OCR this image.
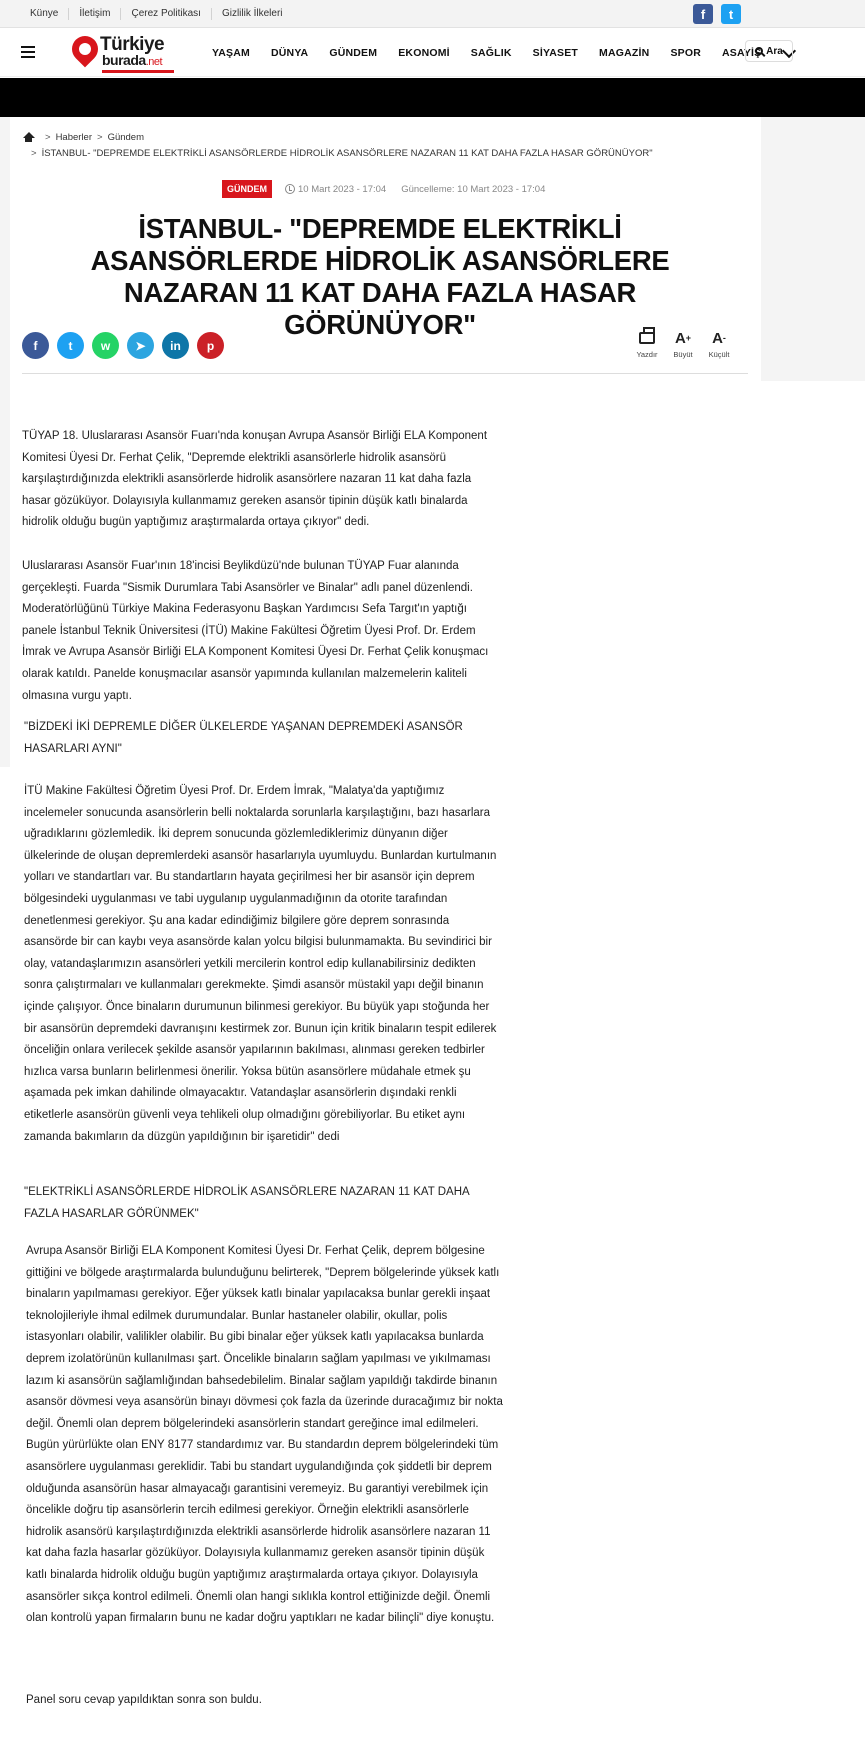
Künye	İletişim	Çerez Politikası	Gizlilik İlkeleri	f	t
Türkiye
burada.net
YAŞAM DÜNYA GÜNDEM EKONOMİ SAĞLIK SİYASET MAGAZİN SPOR ASAYİŞ Ara
> Haberler > Gündem
> İSTANBUL- "DEPREMDE ELEKTRİKLİ ASANSÖRLERDE HİDROLİK ASANSÖRLERE NAZARAN 11 KAT DAHA FAZLA HASAR GÖRÜNÜYOR"
GÜNDEM	10 Mart 2023 - 17:04 Güncelleme: 10 Mart 2023 - 17:04
İSTANBUL- "DEPREMDE ELEKTRİKLİ ASANSÖRLERDE HİDROLİK ASANSÖRLERE NAZARAN 11 KAT DAHA FAZLA HASAR GÖRÜNÜYOR"
f	t	w	➤	in	p
Yazdır
A +
Büyüt
A -
Küçült

TÜYAP 18. Uluslararası Asansör Fuarı'nda konuşan Avrupa Asansör Birliği ELA Komponent Komitesi Üyesi Dr. Ferhat Çelik, "Depremde elektrikli asansörlerle hidrolik asansörü karşılaştırdığınızda elektrikli asansörlerde hidrolik asansörlere nazaran 11 kat daha fazla hasar gözüküyor. Dolayısıyla kullanmamız gereken asansör tipinin düşük katlı binalarda hidrolik olduğu bugün yaptığımız araştırmalarda ortaya çıkıyor" dedi.

Uluslararası Asansör Fuar'ının 18'incisi Beylikdüzü'nde bulunan TÜYAP Fuar alanında gerçekleşti. Fuarda "Sismik Durumlara Tabi Asansörler ve Binalar" adlı panel düzenlendi. Moderatörlüğünü Türkiye Makina Federasyonu Başkan Yardımcısı Sefa Targıt'ın yaptığı panele İstanbul Teknik Üniversitesi (İTÜ) Makine Fakültesi Öğretim Üyesi Prof. Dr. Erdem İmrak ve Avrupa Asansör Birliği ELA Komponent Komitesi Üyesi Dr. Ferhat Çelik konuşmacı olarak katıldı. Panelde konuşmacılar asansör yapımında kullanılan malzemelerin kaliteli olmasına vurgu yaptı.

"BİZDEKİ İKİ DEPREMLE DİĞER ÜLKELERDE YAŞANAN DEPREMDEKİ ASANSÖR HASARLARI AYNI"

İTÜ Makine Fakültesi Öğretim Üyesi Prof. Dr. Erdem İmrak, "Malatya'da yaptığımız incelemeler sonucunda asansörlerin belli noktalarda sorunlarla karşılaştığını, bazı hasarlara uğradıklarını gözlemledik. İki deprem sonucunda gözlemlediklerimiz dünyanın diğer ülkelerinde de oluşan depremlerdeki asansör hasarlarıyla uyumluydu. Bunlardan kurtulmanın yolları ve standartları var. Bu standartların hayata geçirilmesi her bir asansör için deprem bölgesindeki uygulanması ve tabi uygulanıp uygulanmadığının da otorite tarafından denetlenmesi gerekiyor. Şu ana kadar edindiğimiz bilgilere göre deprem sonrasında asansörde bir can kaybı veya asansörde kalan yolcu bilgisi bulunmamakta. Bu sevindirici bir olay, vatandaşlarımızın asansörleri yetkili mercilerin kontrol edip kullanabilirsiniz dedikten sonra çalıştırmaları ve kullanmaları gerekmekte. Şimdi asansör müstakil yapı değil binanın içinde çalışıyor. Önce binaların durumunun bilinmesi gerekiyor. Bu büyük yapı stoğunda her bir asansörün depremdeki davranışını kestirmek zor. Bunun için kritik binaların tespit edilerek önceliğin onlara verilecek şekilde asansör yapılarının bakılması, alınması gereken tedbirler hızlıca varsa bunların belirlenmesi önerilir. Yoksa bütün asansörlere müdahale etmek şu aşamada pek imkan dahilinde olmayacaktır. Vatandaşlar asansörlerin dışındaki renkli etiketlerle asansörün güvenli veya tehlikeli olup olmadığını görebiliyorlar. Bu etiket aynı zamanda bakımların da düzgün yapıldığının bir işaretidir" dedi

"ELEKTRİKLİ ASANSÖRLERDE HİDROLİK ASANSÖRLERE NAZARAN 11 KAT DAHA FAZLA HASARLAR GÖRÜNMEK"

Avrupa Asansör Birliği ELA Komponent Komitesi Üyesi Dr. Ferhat Çelik, deprem bölgesine gittiğini ve bölgede araştırmalarda bulunduğunu belirterek, "Deprem bölgelerinde yüksek katlı binaların yapılmaması gerekiyor. Eğer yüksek katlı binalar yapılacaksa bunlar gerekli inşaat teknolojileriyle ihmal edilmek durumundalar. Bunlar hastaneler olabilir, okullar, polis istasyonları olabilir, valilikler olabilir. Bu gibi binalar eğer yüksek katlı yapılacaksa bunlarda deprem izolatörünün kullanılması şart. Öncelikle binaların sağlam yapılması ve yıkılmaması lazım ki asansörün sağlamlığından bahsedebilelim. Binalar sağlam yapıldığı takdirde binanın asansör dövmesi veya asansörün binayı dövmesi çok fazla da üzerinde duracağımız bir nokta değil. Önemli olan deprem bölgelerindeki asansörlerin standart gereğince imal edilmeleri. Bugün yürürlükte olan ENY 8177 standardımız var. Bu standardın deprem bölgelerindeki tüm asansörlere uygulanması gereklidir. Tabi bu standart uygulandığında çok şiddetli bir deprem olduğunda asansörün hasar almayacağı garantisini veremeyiz. Bu garantiyi verebilmek için öncelikle doğru tip asansörlerin tercih edilmesi gerekiyor. Örneğin elektrikli asansörlerle hidrolik asansörü karşılaştırdığınızda elektrikli asansörlerde hidrolik asansörlere nazaran 11 kat daha fazla hasarlar gözüküyor. Dolayısıyla kullanmamız gereken asansör tipinin düşük katlı binalarda hidrolik olduğu bugün yaptığımız araştırmalarda ortaya çıkıyor. Dolayısıyla asansörler sıkça kontrol edilmeli. Önemli olan hangi sıklıkla kontrol ettiğinizde değil. Önemli olan kontrolü yapan firmaların bunu ne kadar doğru yaptıkları ne kadar bilinçli" diye konuştu.

Panel soru cevap yapıldıktan sonra son buldu.
